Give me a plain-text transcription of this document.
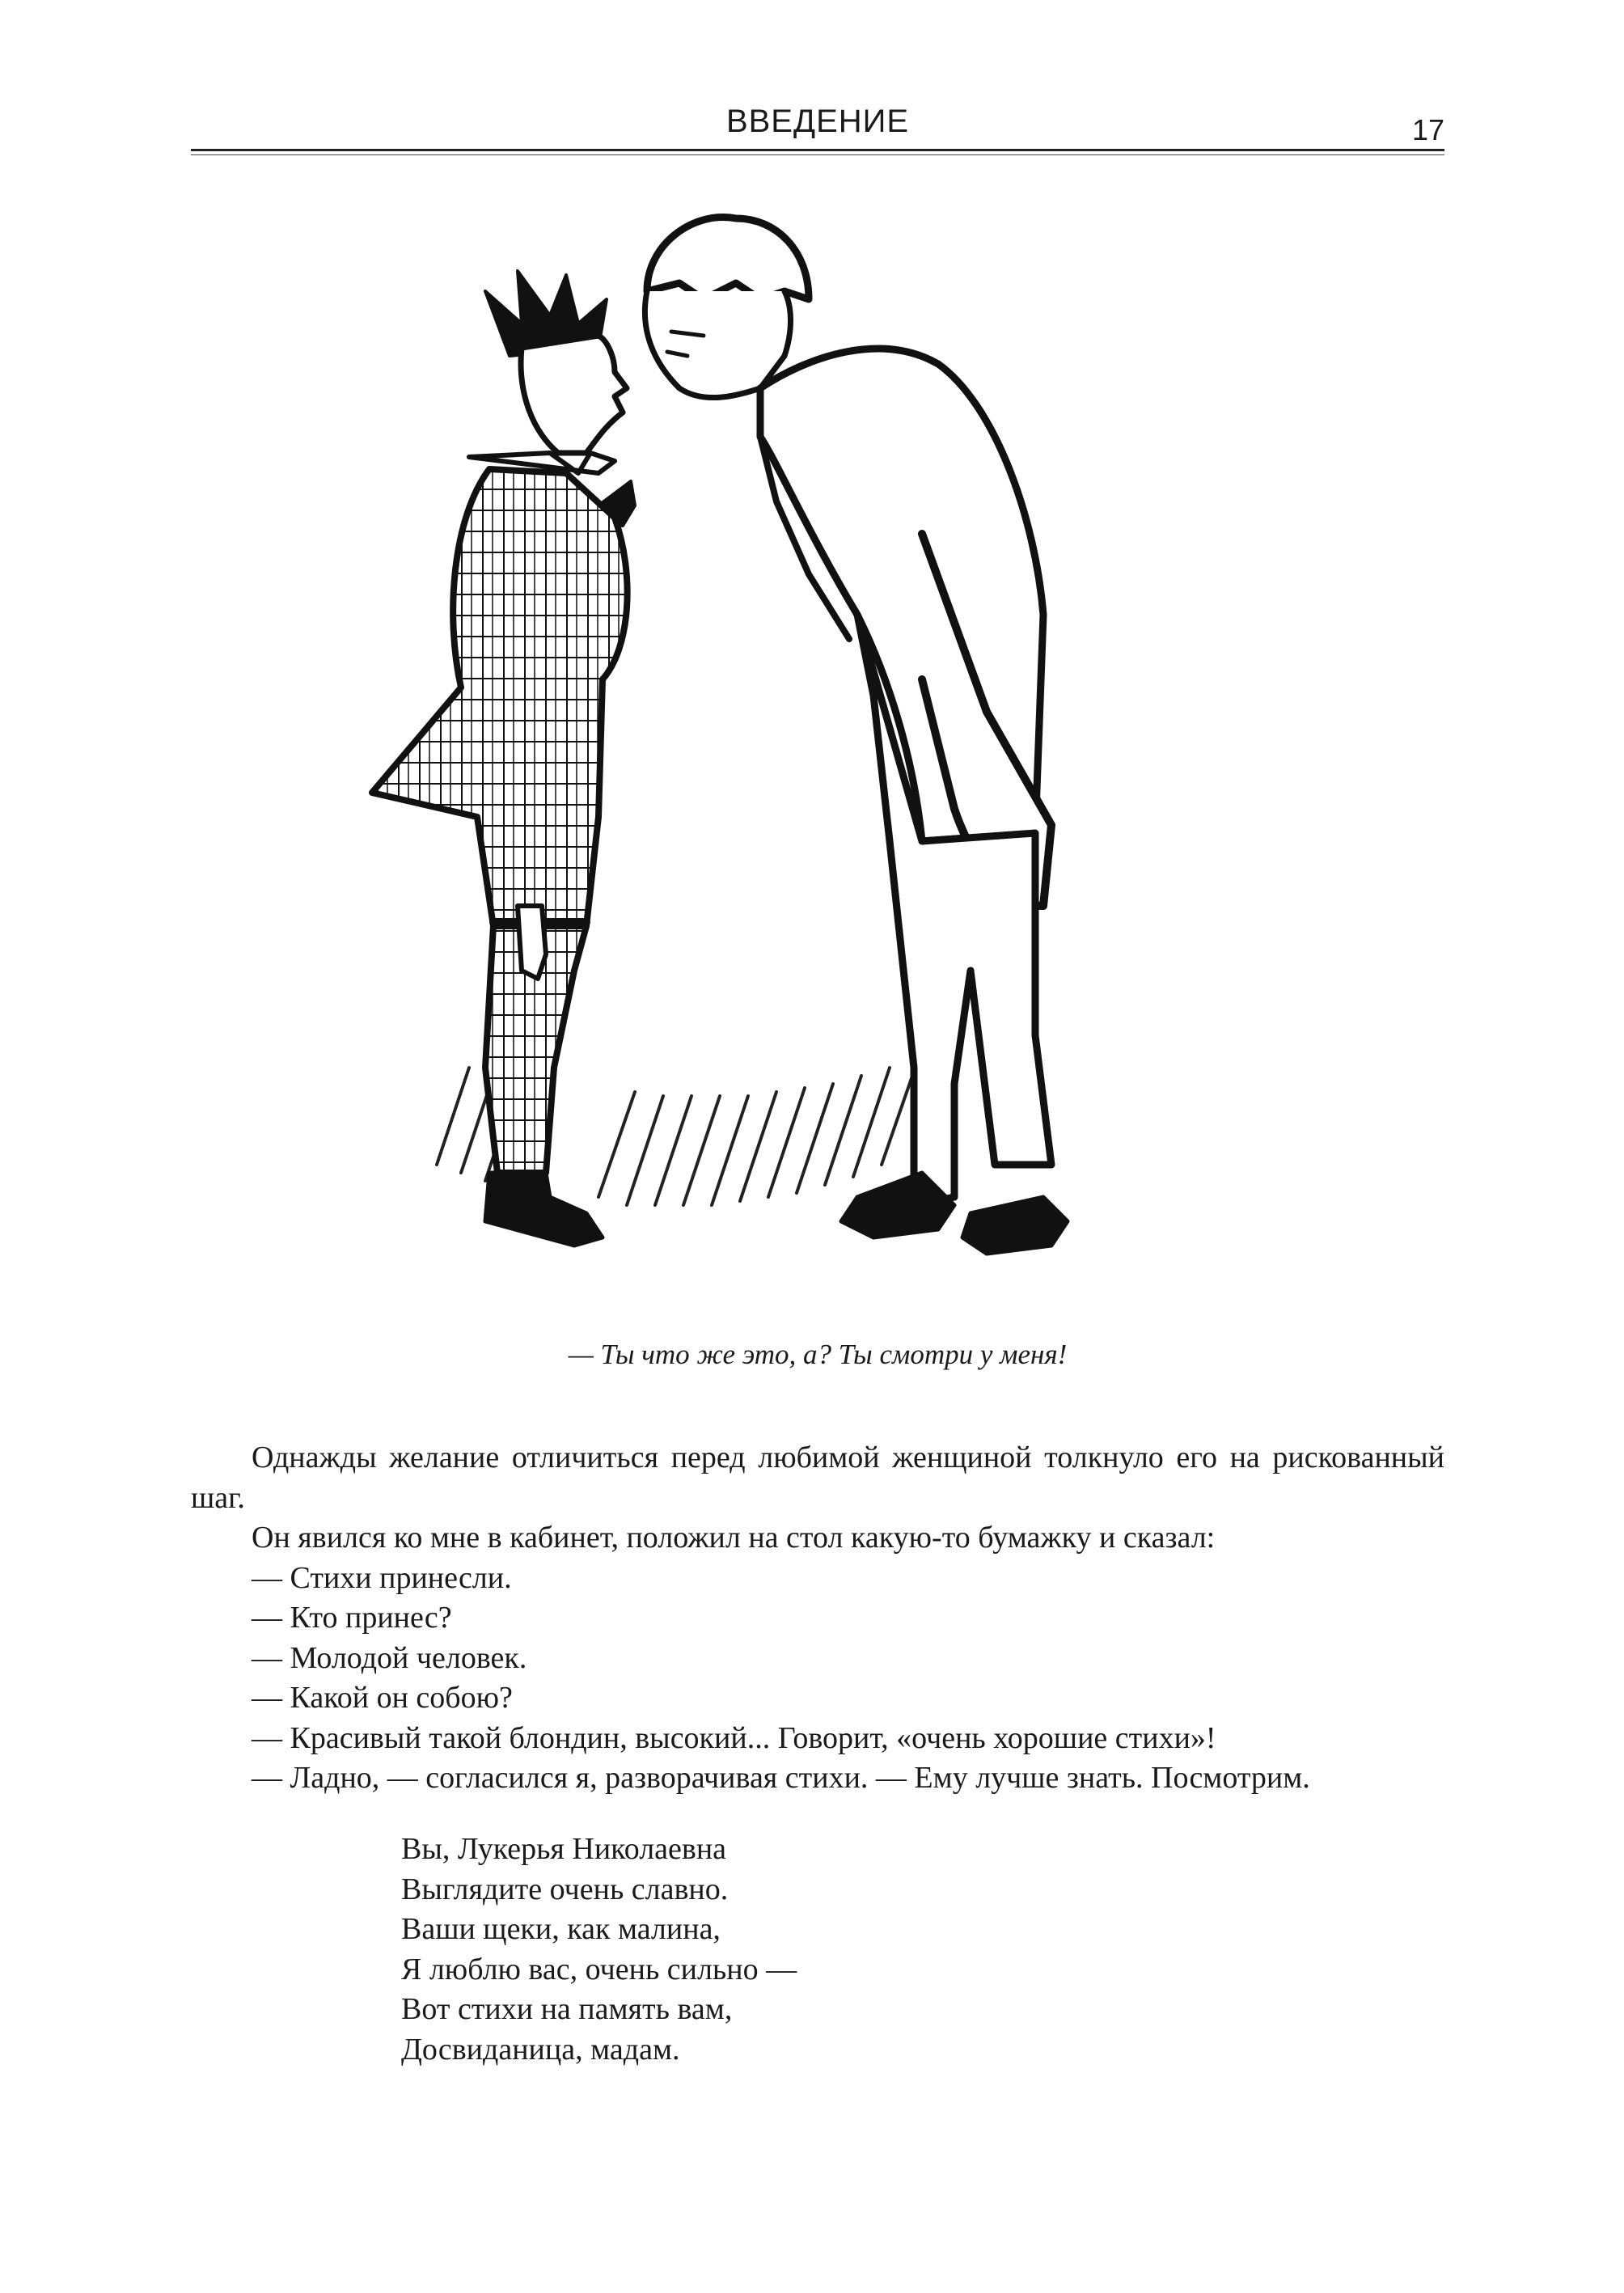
ВВЕДЕНИЕ	17
— Ты что же это, а? Ты смотри у меня!

Однажды желание отличиться перед любимой женщиной толкнуло его на рискованный шаг.

Он явился ко мне в кабинет, положил на стол какую-то бумажку и сказал:

— Стихи принесли.

— Кто принес?

— Молодой человек.

— Какой он собою?

— Красивый такой блондин, высокий... Говорит, «очень хорошие стихи»!

— Ладно, — согласился я, разворачивая стихи. — Ему лучше знать. Посмотрим.

Вы, Лукерья Николаевна
Выглядите очень славно.
Ваши щеки, как малина,
Я люблю вас, очень сильно —
Вот стихи на память вам,
Досвиданица, мадам.
